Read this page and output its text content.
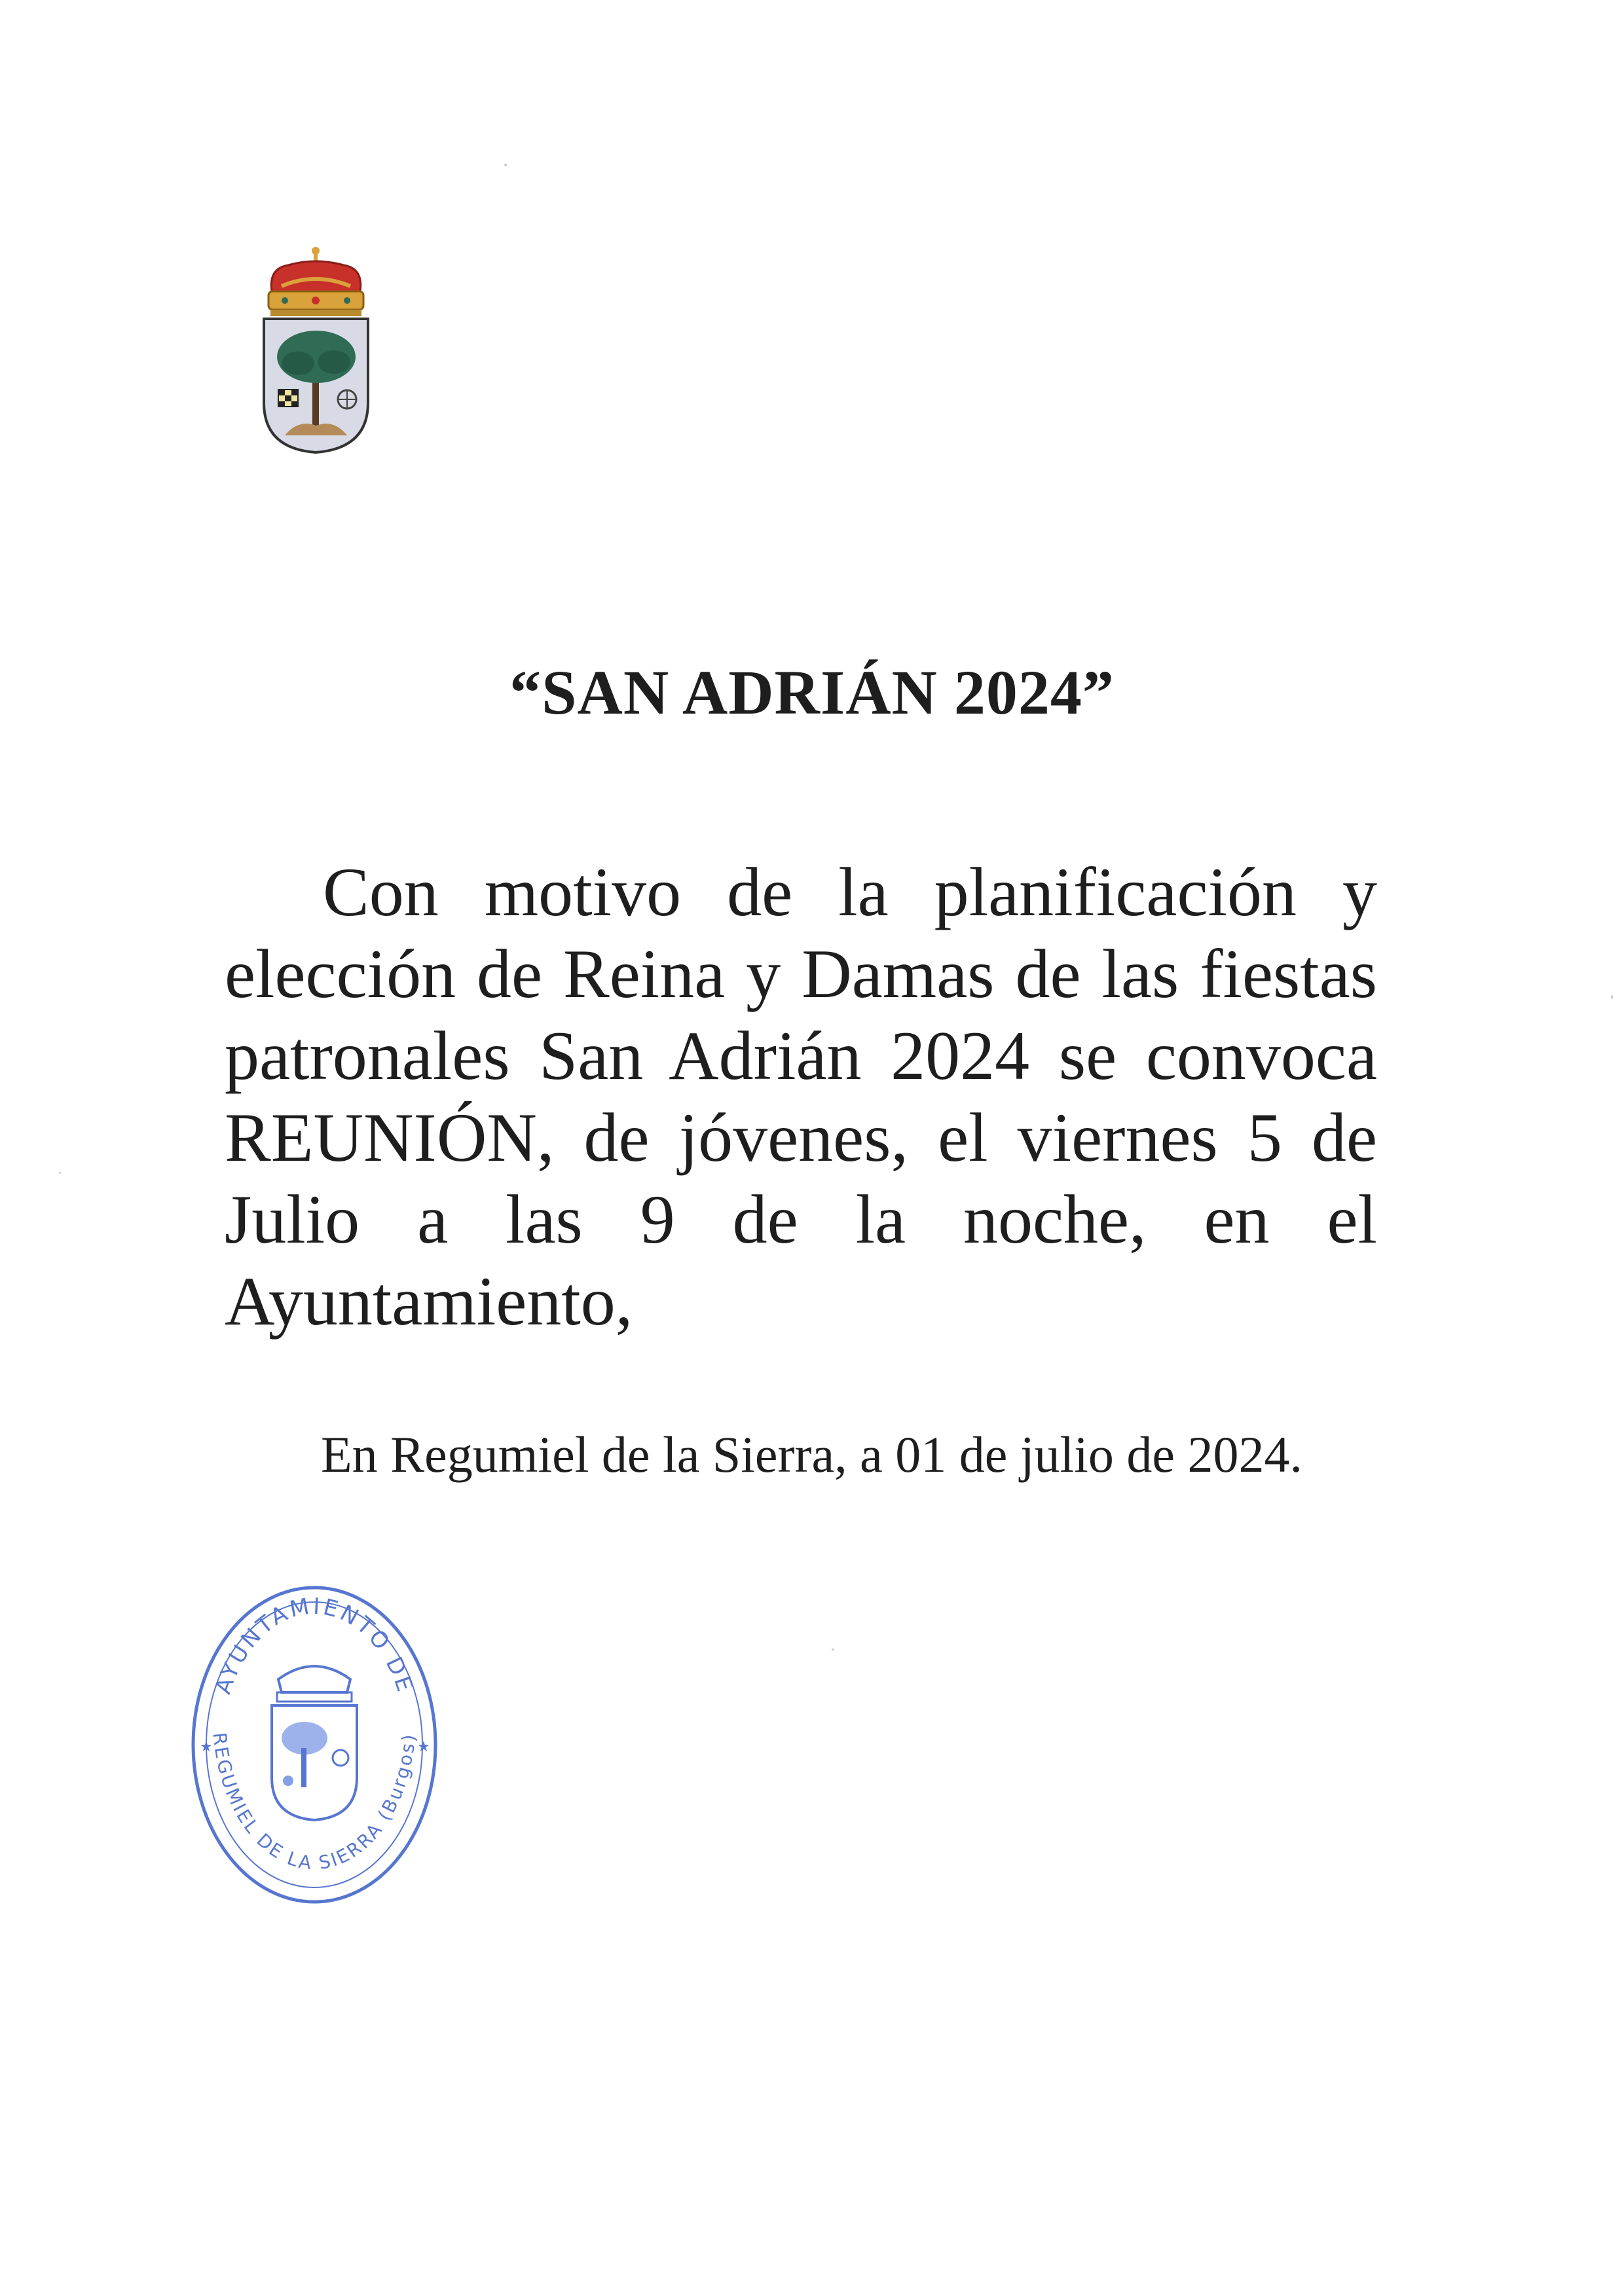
“SAN ADRIÁN 2024”

Con motivo de la planificación y elección de Reina y Damas de las fiestas patronales San Adrián 2024 se convoca REUNIÓN, de jóvenes, el viernes 5 de Julio a las 9 de la noche, en el Ayuntamiento,

En Regumiel de la Sierra, a 01 de julio de 2024.

AYUNTAMIENTO DE
REGUMIEL DE LA SIERRA (Burgos)
★	★
